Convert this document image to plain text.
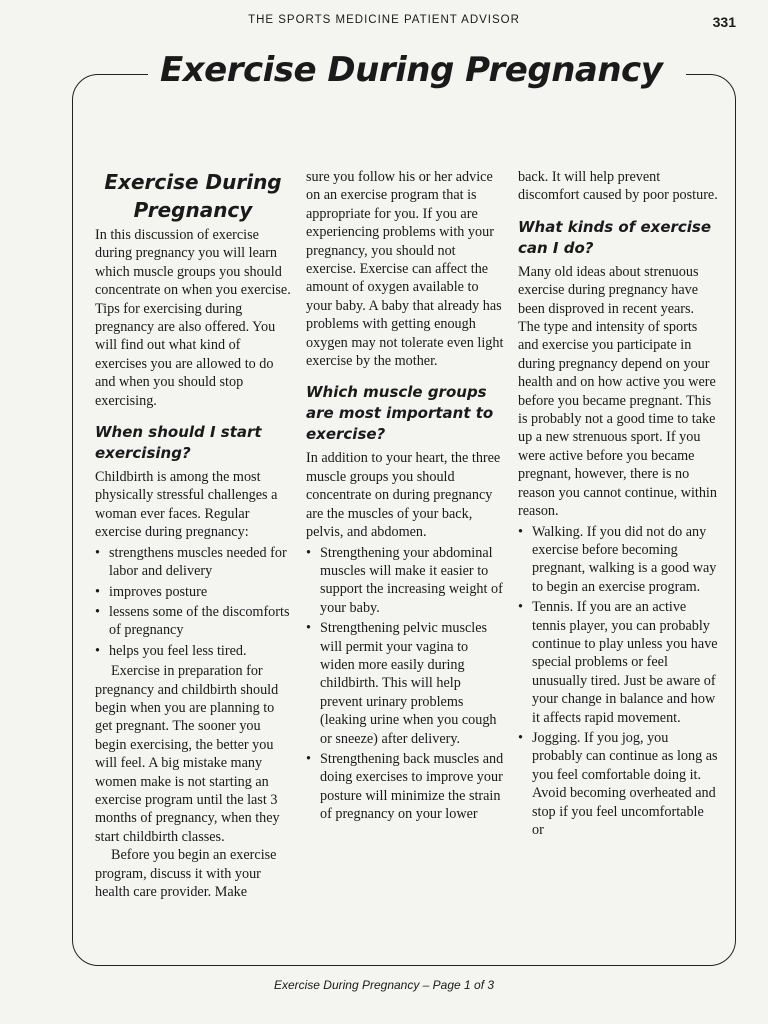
THE SPORTS MEDICINE PATIENT ADVISOR	331
Exercise During Pregnancy
Exercise During Pregnancy

In this discussion of exercise during pregnancy you will learn which muscle groups you should concentrate on when you exercise. Tips for exercising during pregnancy are also offered. You will find out what kind of exercises you are allowed to do and when you should stop exercising.

When should I start exercising?

Childbirth is among the most physically stressful challenges a woman ever faces. Regular exercise during pregnancy:

• strengthens muscles needed for labor and delivery
• improves posture
• lessens some of the discomforts of pregnancy
• helps you feel less tired.

Exercise in preparation for pregnancy and childbirth should begin when you are planning to get pregnant. The sooner you begin exercising, the better you will feel. A big mistake many women make is not starting an exercise program until the last 3 months of pregnancy, when they start childbirth classes.

Before you begin an exercise program, discuss it with your health care provider. Make

sure you follow his or her advice on an exercise program that is appropriate for you. If you are experiencing problems with your pregnancy, you should not exercise. Exercise can affect the amount of oxygen available to your baby. A baby that already has problems with getting enough oxygen may not tolerate even light exercise by the mother.

Which muscle groups are most important to exercise?

In addition to your heart, the three muscle groups you should concentrate on during pregnancy are the muscles of your back, pelvis, and abdomen.

• Strengthening your abdominal muscles will make it easier to support the increasing weight of your baby.
• Strengthening pelvic muscles will permit your vagina to widen more easily during childbirth. This will help prevent urinary problems (leaking urine when you cough or sneeze) after delivery.
• Strengthening back muscles and doing exercises to improve your posture will minimize the strain of pregnancy on your lower

back. It will help prevent discomfort caused by poor posture.

What kinds of exercise can I do?

Many old ideas about strenuous exercise during pregnancy have been disproved in recent years. The type and intensity of sports and exercise you participate in during pregnancy depend on your health and on how active you were before you became pregnant. This is probably not a good time to take up a new strenuous sport. If you were active before you became pregnant, however, there is no reason you cannot continue, within reason.

• Walking. If you did not do any exercise before becoming pregnant, walking is a good way to begin an exercise program.
• Tennis. If you are an active tennis player, you can probably continue to play unless you have special problems or feel unusually tired. Just be aware of your change in balance and how it affects rapid movement.
• Jogging. If you jog, you probably can continue as long as you feel comfortable doing it. Avoid becoming overheated and stop if you feel uncomfortable or
Exercise During Pregnancy – Page 1 of 3
